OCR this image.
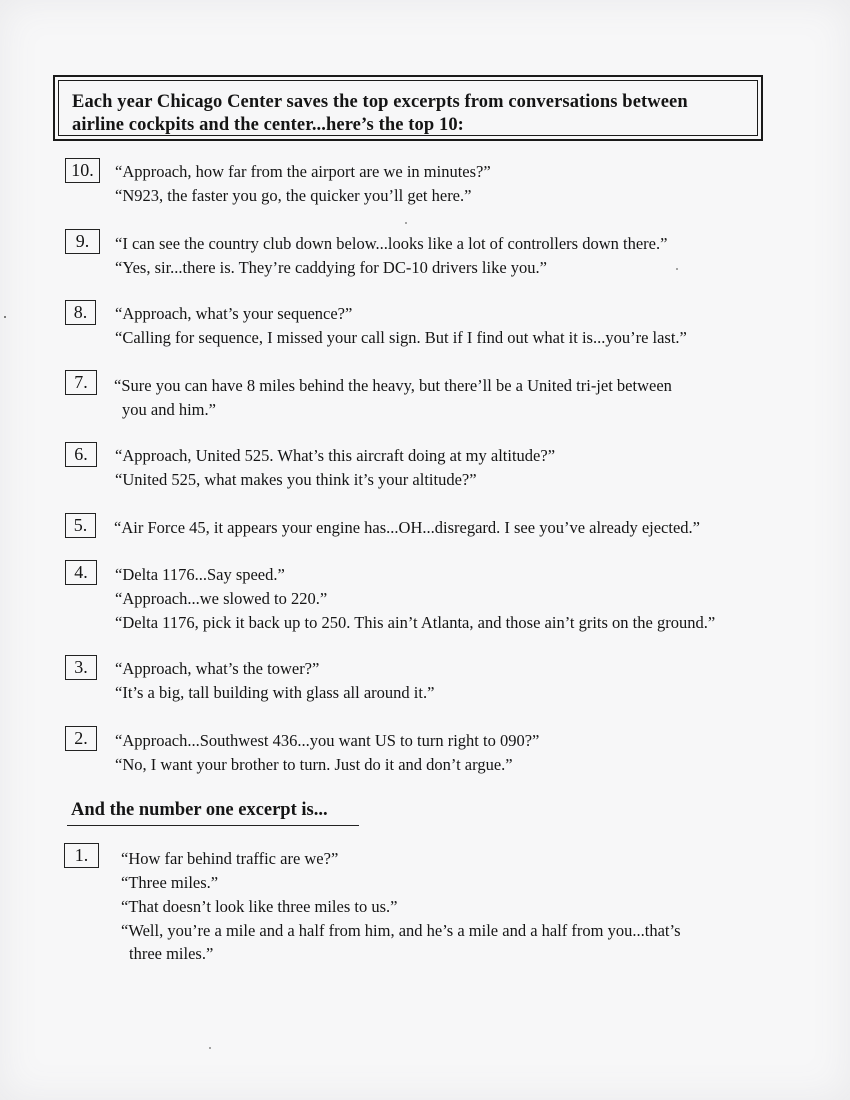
Each year Chicago Center saves the top excerpts from conversations between

airline cockpits and the center...here’s the top 10:

10.	“Approach, how far from the airport are we in minutes?”
“N923, the faster you go, the quicker you’ll get here.”
9.	“I can see the country club down below...looks like a lot of controllers down there.”
“Yes, sir...there is. They’re caddying for DC-10 drivers like you.”
8.	“Approach, what’s your sequence?”
“Calling for sequence, I missed your call sign. But if I find out what it is...you’re last.”
7.	“Sure you can have 8 miles behind the heavy, but there’ll be a United tri-jet between
you and him.”
6.	“Approach, United 525. What’s this aircraft doing at my altitude?”
“United 525, what makes you think it’s your altitude?”
5.	“Air Force 45, it appears your engine has...OH...disregard. I see you’ve already ejected.”
4.	“Delta 1176...Say speed.”
“Approach...we slowed to 220.”
“Delta 1176, pick it back up to 250. This ain’t Atlanta, and those ain’t grits on the ground.”
3.	“Approach, what’s the tower?”
“It’s a big, tall building with glass all around it.”
2.	“Approach...Southwest 436...you want US to turn right to 090?”
“No, I want your brother to turn. Just do it and don’t argue.”
And the number one excerpt is...
1.	“How far behind traffic are we?”
“Three miles.”
“That doesn’t look like three miles to us.”
“Well, you’re a mile and a half from him, and he’s a mile and a half from you...that’s
three miles.”
